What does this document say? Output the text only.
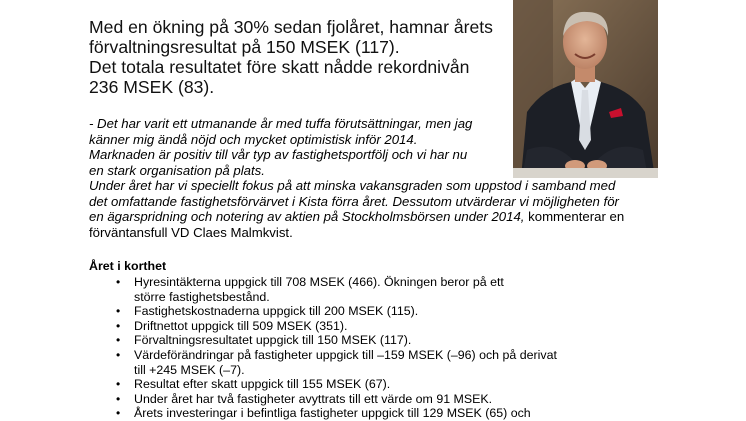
Med en ökning på 30% sedan fjolåret, hamnar årets
förvaltningsresultat på 150 MSEK (117).
Det totala resultatet före skatt nådde rekordnivån
236 MSEK (83).
- Det har varit ett utmanande år med tuffa förutsättningar, men jag
känner mig ändå nöjd och mycket optimistisk inför 2014.
Marknaden är positiv till vår typ av fastighetsportfölj och vi har nu
en stark organisation på plats.
Under året har vi speciellt fokus på att minska vakansgraden som uppstod i samband med
det omfattande fastighetsförvärvet i Kista förra året. Dessutom utvärderar vi möjligheten för
en ägarspridning och notering av aktien på Stockholmsbörsen under 2014, kommenterar en
förväntansfull VD Claes Malmkvist.
Året i korthet
• Hyresintäkterna uppgick till 708 MSEK (466). Ökningen beror på ett
större fastighetsbestånd.
• Fastighetskostnaderna uppgick till 200 MSEK (115).
• Driftnettot uppgick till 509 MSEK (351).
• Förvaltningsresultatet uppgick till 150 MSEK (117).
• Värdeförändringar på fastigheter uppgick till –159 MSEK (–96) och på derivat
till +245 MSEK (–7).
• Resultat efter skatt uppgick till 155 MSEK (67).
• Under året har två fastigheter avyttrats till ett värde om 91 MSEK.
• Årets investeringar i befintliga fastigheter uppgick till 129 MSEK (65) och
